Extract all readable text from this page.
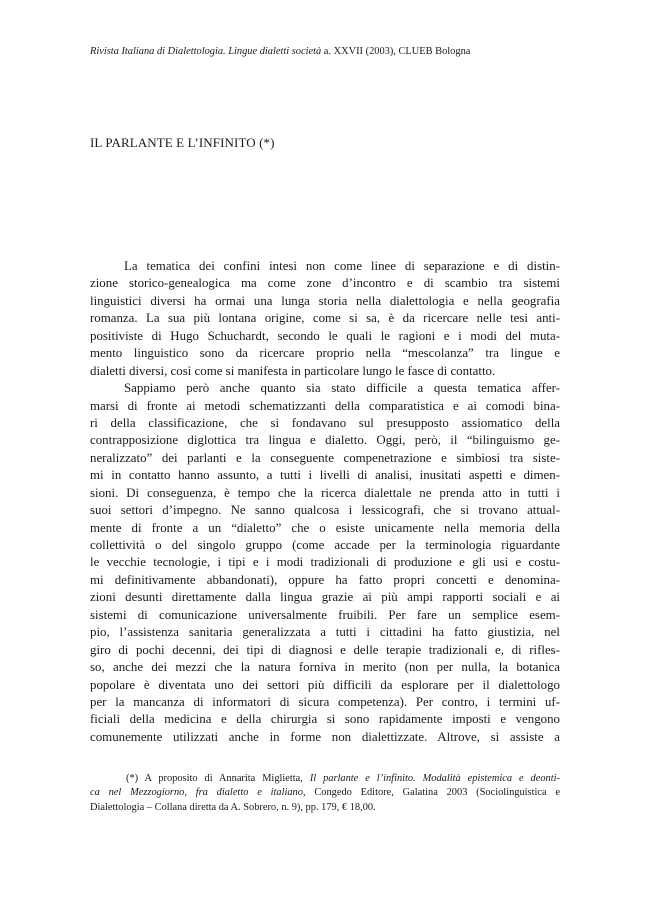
Rivista Italiana di Dialettologia. Lingue dialetti società a. XXVII (2003), CLUEB Bologna
IL PARLANTE E L’INFINITO (*)
La tematica dei confini intesi non come linee di separazione e di distin-
zione storico-genealogica ma come zone d’incontro e di scambio tra sistemi
linguistici diversi ha ormai una lunga storia nella dialettologia e nella geografia
romanza. La sua più lontana origine, come si sa, è da ricercare nelle tesi anti-
positiviste di Hugo Schuchardt, secondo le quali le ragioni e i modi del muta-
mento linguistico sono da ricercare proprio nella “mescolanza” tra lingue e
dialetti diversi, così come si manifesta in particolare lungo le fasce di contatto.
Sappiamo però anche quanto sia stato difficile a questa tematica affer-
marsi di fronte ai metodi schematizzanti della comparatistica e ai comodi bina-
ri della classificazione, che si fondavano sul presupposto assiomatico della
contrapposizione diglottica tra lingua e dialetto. Oggi, però, il “bilinguismo ge-
neralizzato” dei parlanti e la conseguente compenetrazione e simbiosi tra siste-
mi in contatto hanno assunto, a tutti i livelli di analisi, inusitati aspetti e dimen-
sioni. Di conseguenza, è tempo che la ricerca dialettale ne prenda atto in tutti i
suoi settori d’impegno. Ne sanno qualcosa i lessicografi, che si trovano attual-
mente di fronte a un “dialetto” che o esiste unicamente nella memoria della
collettività o del singolo gruppo (come accade per la terminologia riguardante
le vecchie tecnologie, i tipi e i modi tradizionali di produzione e gli usi e costu-
mi definitivamente abbandonati), oppure ha fatto propri concetti e denomina-
zioni desunti direttamente dalla lingua grazie ai più ampi rapporti sociali e ai
sistemi di comunicazione universalmente fruibili. Per fare un semplice esem-
pio, l’assistenza sanitaria generalizzata a tutti i cittadini ha fatto giustizia, nel
giro di pochi decenni, dei tipi di diagnosi e delle terapie tradizionali e, di rifles-
so, anche dei mezzi che la natura forniva in merito (non per nulla, la botanica
popolare è diventata uno dei settori più difficili da esplorare per il dialettologo
per la mancanza di informatori di sicura competenza). Per contro, i termini uf-
ficiali della medicina e della chirurgia si sono rapidamente imposti e vengono
comunemente utilizzati anche in forme non dialettizzate. Altrove, si assiste a
(*) A proposito di Annarita Miglietta, Il parlante e l’infinito. Modalità epistemica e deonti-
ca nel Mezzogiorno, fra dialetto e italiano, Congedo Editore, Galatina 2003 (Sociolinguistica e
Dialettologia – Collana diretta da A. Sobrero, n. 9), pp. 179, € 18,00.
